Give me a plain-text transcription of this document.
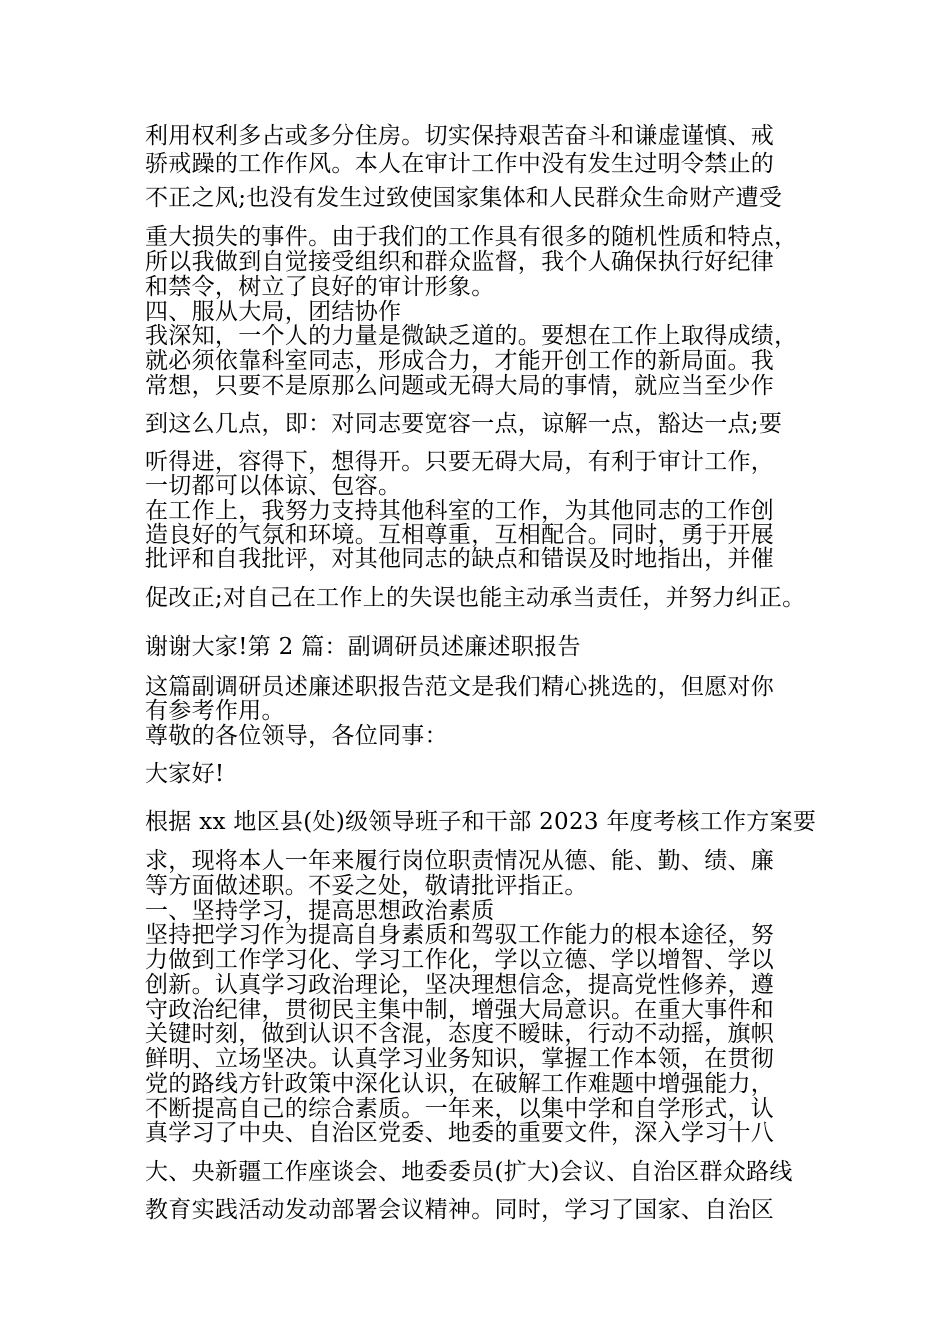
利用权利多占或多分住房。切实保持艰苦奋斗和谦虚谨慎、戒
骄戒躁的工作作风。本人在审计工作中没有发生过明令禁止的
不正之风;也没有发生过致使国家集体和人民群众生命财产遭受
重大损失的事件。由于我们的工作具有很多的随机性质和特点，
所以我做到自觉接受组织和群众监督，我个人确保执行好纪律
和禁令，树立了良好的审计形象。
四、服从大局，团结协作
我深知，一个人的力量是微缺乏道的。要想在工作上取得成绩，
就必须依靠科室同志，形成合力，才能开创工作的新局面。我
常想，只要不是原那么问题或无碍大局的事情，就应当至少作
到这么几点，即：对同志要宽容一点，谅解一点，豁达一点;要
听得进，容得下，想得开。只要无碍大局，有利于审计工作，
一切都可以体谅、包容。
在工作上，我努力支持其他科室的工作，为其他同志的工作创
造良好的气氛和环境。互相尊重，互相配合。同时，勇于开展
批评和自我批评，对其他同志的缺点和错误及时地指出，并催
促改正;对自己在工作上的失误也能主动承当责任，并努力纠正。
谢谢大家!第 2 篇：副调研员述廉述职报告
这篇副调研员述廉述职报告范文是我们精心挑选的，但愿对你
有参考作用。
尊敬的各位领导，各位同事：
大家好!
根据 xx 地区县(处)级领导班子和干部 2023 年度考核工作方案要
求，现将本人一年来履行岗位职责情况从德、能、勤、绩、廉
等方面做述职。不妥之处，敬请批评指正。
一、坚持学习，提高思想政治素质
坚持把学习作为提高自身素质和驾驭工作能力的根本途径，努
力做到工作学习化、学习工作化，学以立德、学以增智、学以
创新。认真学习政治理论，坚决理想信念，提高党性修养，遵
守政治纪律，贯彻民主集中制，增强大局意识。在重大事件和
关键时刻，做到认识不含混，态度不暧昧，行动不动摇，旗帜
鲜明、立场坚决。认真学习业务知识，掌握工作本领，在贯彻
党的路线方针政策中深化认识，在破解工作难题中增强能力，
不断提高自己的综合素质。一年来，以集中学和自学形式，认
真学习了中央、自治区党委、地委的重要文件，深入学习十八
大、央新疆工作座谈会、地委委员(扩大)会议、自治区群众路线
教育实践活动发动部署会议精神。同时，学习了国家、自治区
